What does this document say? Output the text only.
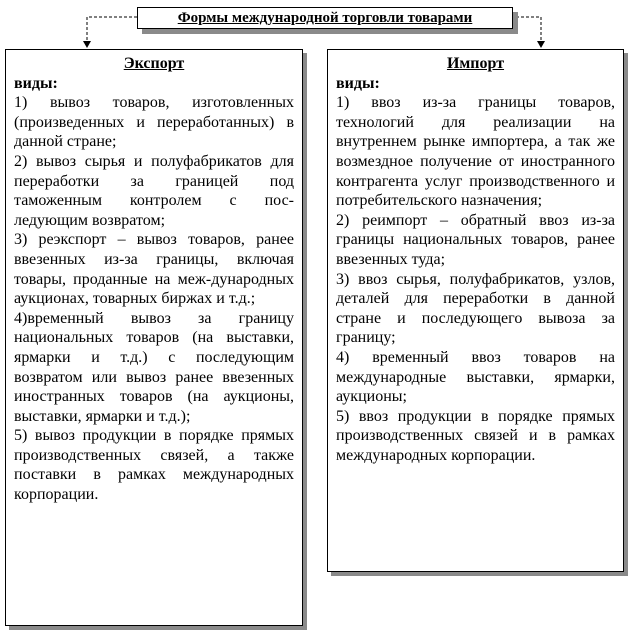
Формы международной торговли товарами
Экспорт
виды:
1) вывоз товаров, изготовленных (произведенных и переработанных) в данной стране;
2) вывоз сырья и полуфабрикатов для переработки за границей под таможенным контролем с пос-ледующим возвратом;
3) реэкспорт – вывоз товаров, ранее ввезенных из-за границы, включая товары, проданные на меж-дународных аукционах, товарных биржах и т.д.;
4)временный вывоз за границу национальных товаров (на выставки, ярмарки и т.д.) с последующим возвратом или вывоз ранее ввезенных иностранных товаров (на аукционы, выставки, ярмарки и т.д.);
5) вывоз продукции в порядке прямых производственных связей, а также поставки в рамках международных корпорации.
Импорт
виды:
1) ввоз из-за границы товаров, технологий для реализации на внутреннем рынке импортера, а так же возмездное получение от иностранного контрагента услуг производственного и потребительского назначения;
2) реимпорт – обратный ввоз из-за границы национальных товаров, ранее ввезенных туда;
3) ввоз сырья, полуфабрикатов, узлов, деталей для переработки в данной стране и последующего вывоза за границу;
4) временный ввоз товаров на международные выставки, ярмарки, аукционы;
5) ввоз продукции в порядке прямых производственных связей и в рамках международных корпорации.
